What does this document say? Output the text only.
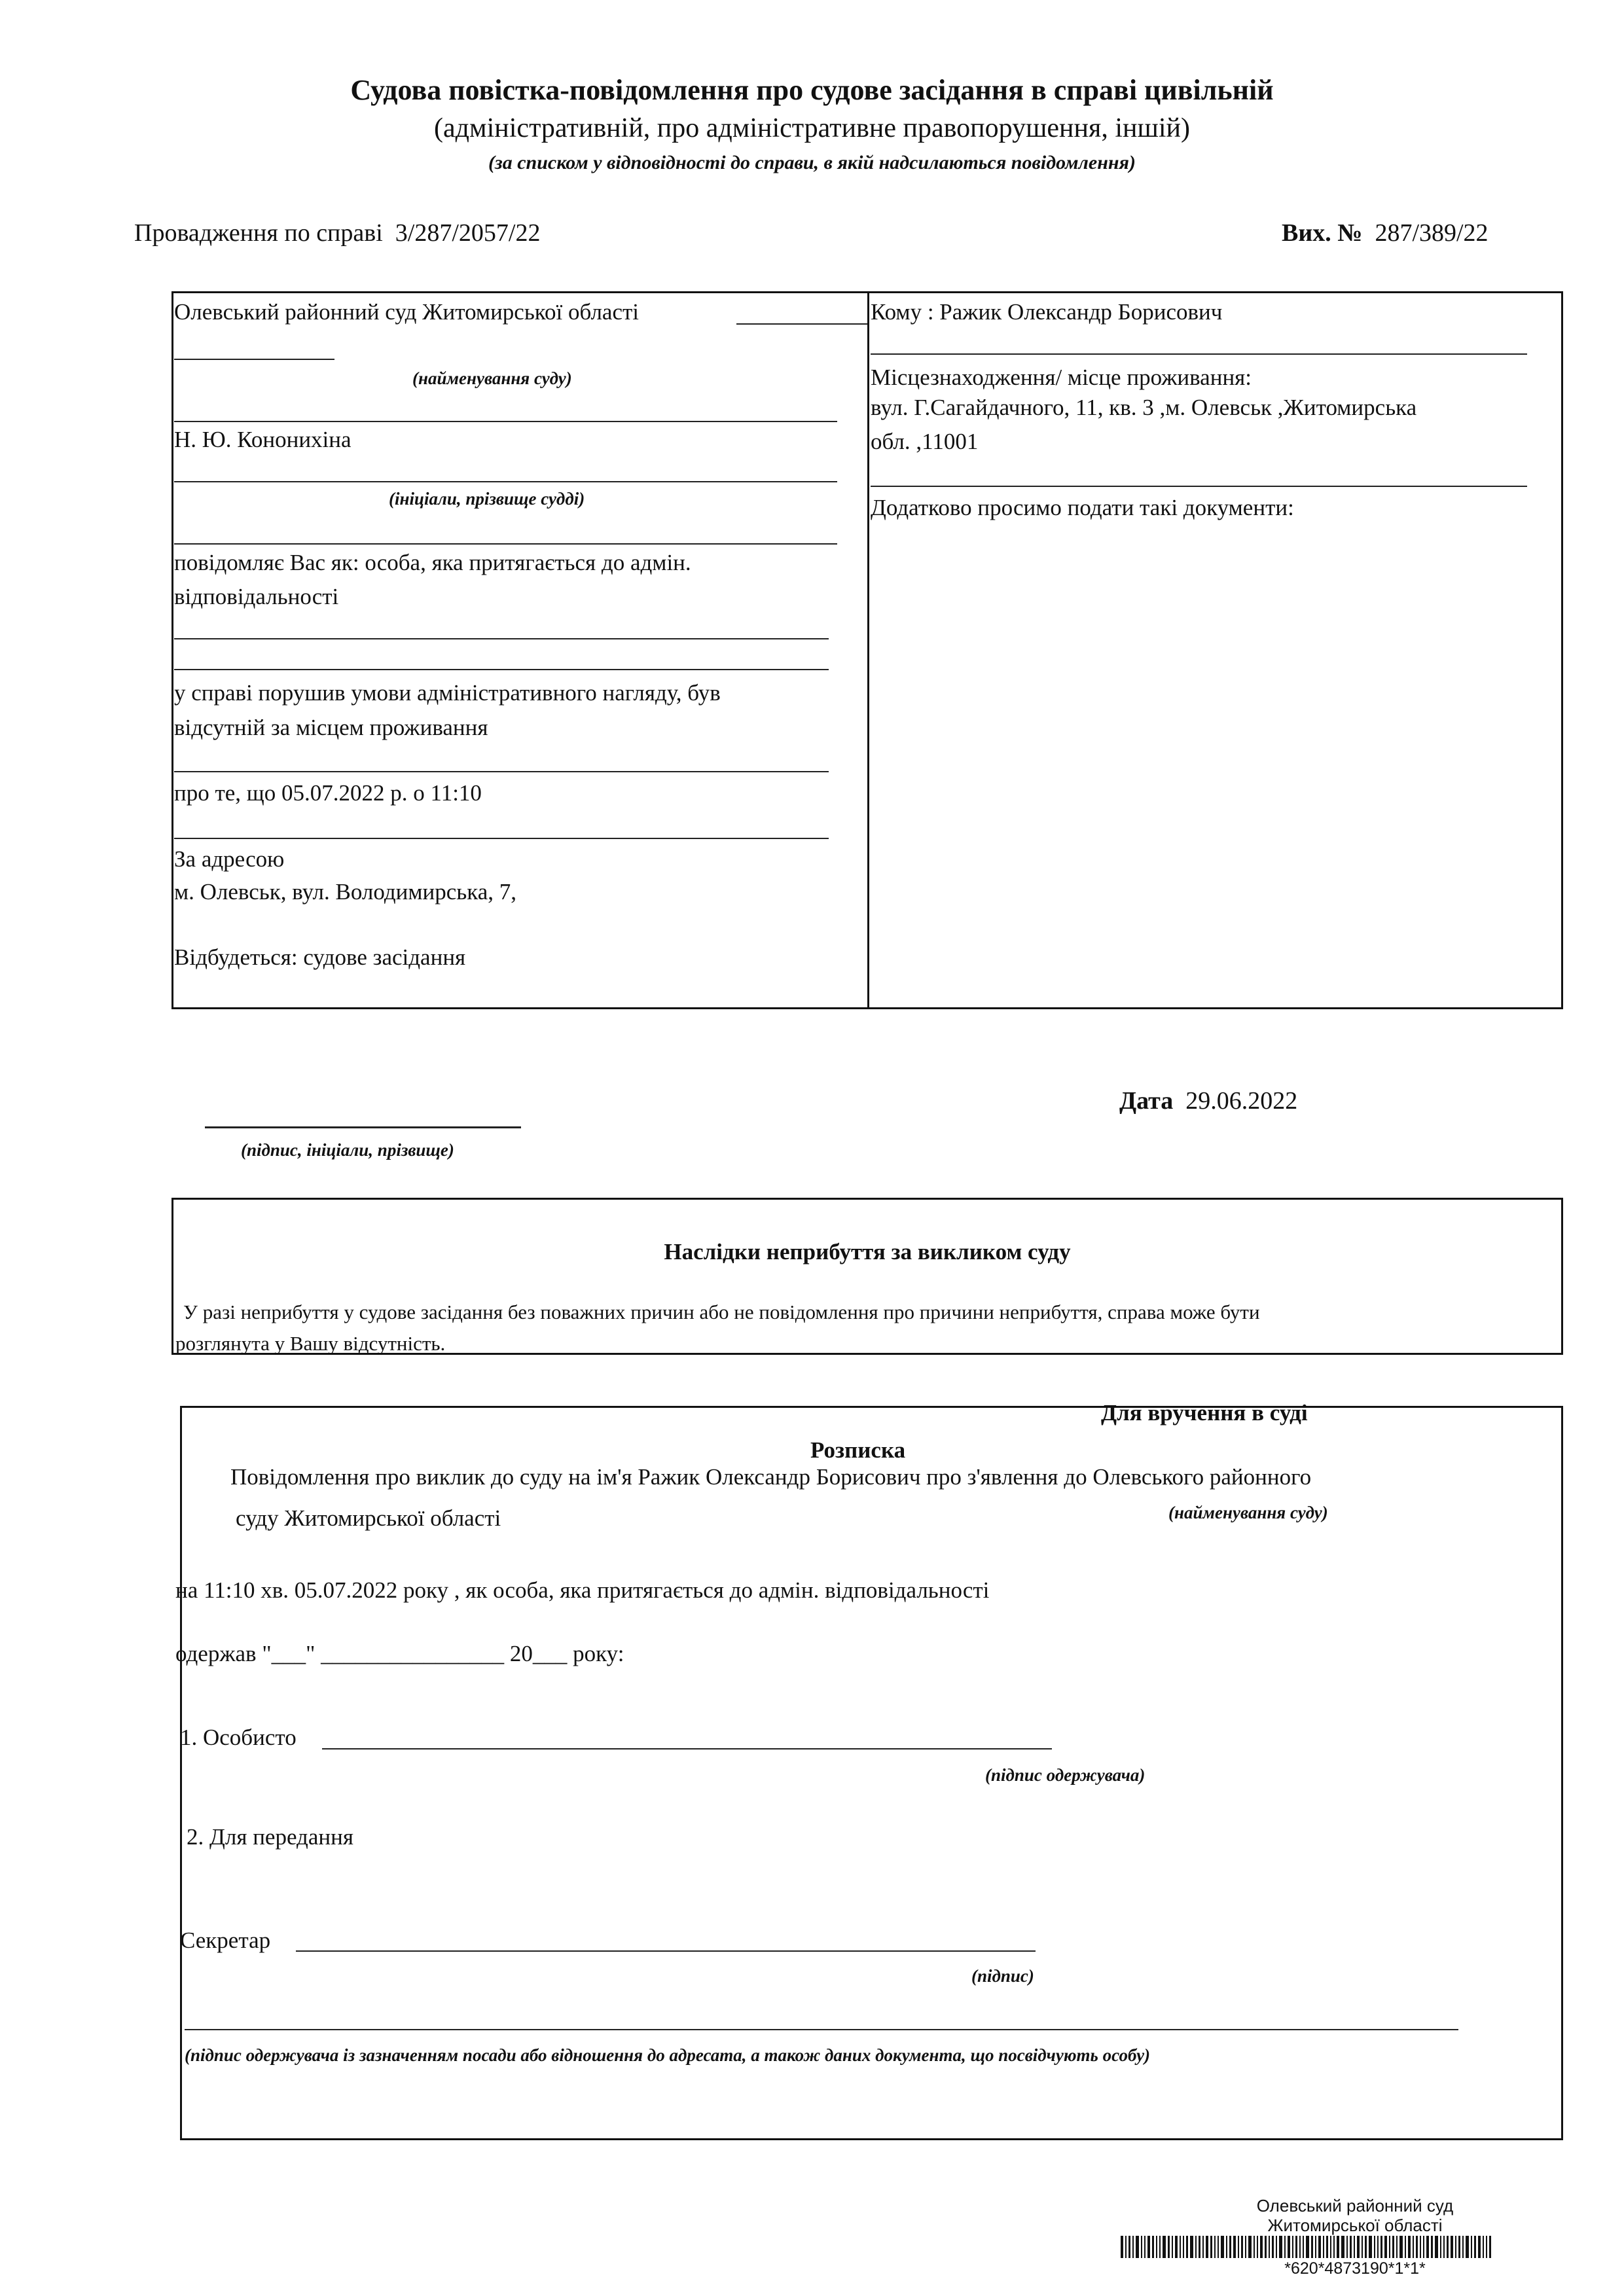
Судова повістка-повідомлення про судове засідання в справі цивільній
(адміністративній, про адміністративне правопорушення, іншій)
(за списком у відповідності до справи, в якій надсилаються повідомлення)
Провадження по справі 3/287/2057/22	Вих. № 287/389/22
Олевський районний суд Житомирської області
(найменування суду)
Н. Ю. Кононихіна
(ініціали, прізвище судді)
повідомляє Вас як: особа, яка притягається до адмін.
відповідальності
у справі порушив умови адміністративного нагляду, був
відсутній за місцем проживання
про те, що 05.07.2022 р. о 11:10
За адресою
м. Олевськ, вул. Володимирська, 7,
Відбудеться: судове засідання
Кому : Ражик Олександр Борисович
Місцезнаходження/ місце проживання:
вул. Г.Сагайдачного, 11, кв. 3 ,м. Олевськ ,Житомирська
обл. ,11001
Додатково просимо подати такі документи:
(підпис, ініціали, прізвище)
Дата 29.06.2022
Наслідки неприбуття за викликом суду
У разі неприбуття у судове засідання без поважних причин або не повідомлення про причини неприбуття, справа може бути
розглянута у Вашу відсутність.
Для вручення в суді
Розписка
Повідомлення про виклик до суду на ім'я Ражик Олександр Борисович про з'явлення до Олевського районного
суду Житомирської області	(найменування суду)
на 11:10 хв. 05.07.2022 року , як особа, яка притягається до адмін. відповідальності
одержав "___" ________________ 20___ року:
1. Особисто
(підпис одержувача)
2. Для передання
Секретар
(підпис)
(підпис одержувача із зазначенням посади або відношення до адресата, а також даних документа, що посвідчують особу)
Олевський районний суд
Житомирської області
*620*4873190*1*1*
